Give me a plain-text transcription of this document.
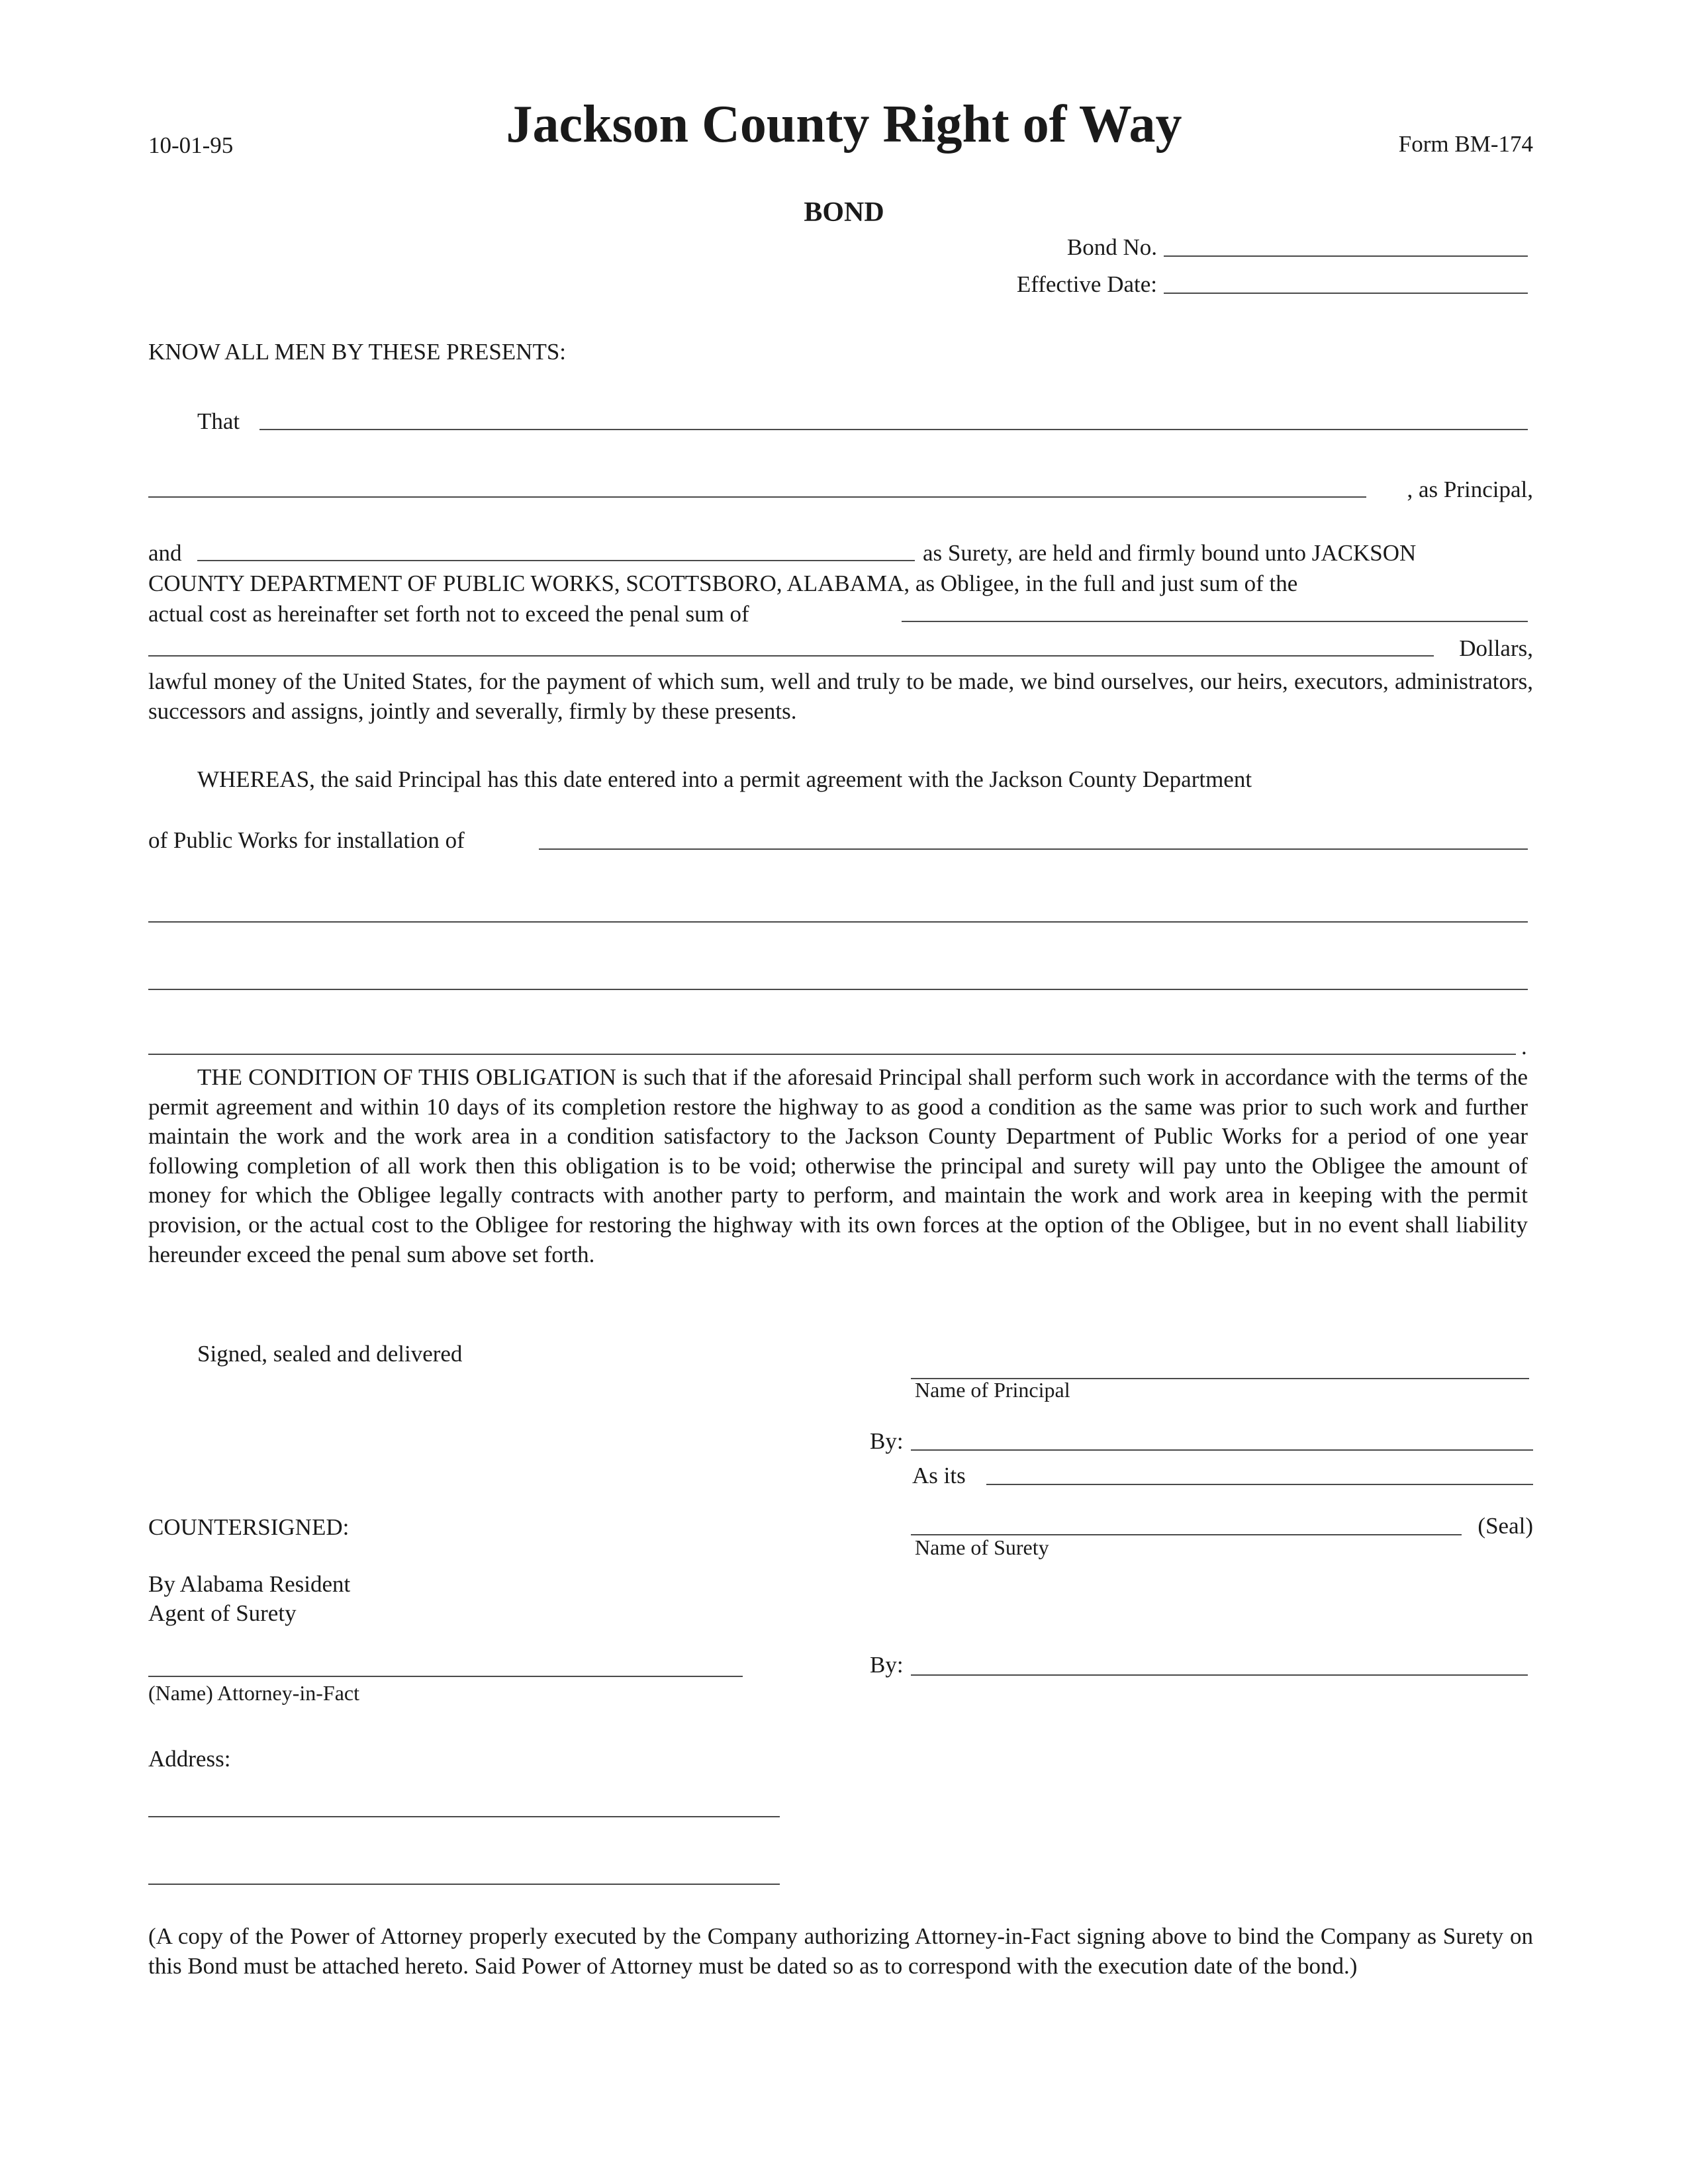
10-01-95	Jackson County Right of Way	Form BM-174
BOND
Bond No.
Effective Date:
KNOW ALL MEN BY THESE PRESENTS:
That
, as Principal,
and	as Surety, are held and firmly bound unto JACKSON
COUNTY DEPARTMENT OF PUBLIC WORKS, SCOTTSBORO, ALABAMA, as Obligee, in the full and just sum of the
actual cost as hereinafter set forth not to exceed the penal sum of
Dollars,
lawful money of the United States, for the payment of which sum, well and truly to be made, we bind ourselves, our heirs, executors, administrators, successors and assigns, jointly and severally, firmly by these presents.
WHEREAS, the said Principal has this date entered into a permit agreement with the Jackson County Department
of Public Works for installation of
.
THE CONDITION OF THIS OBLIGATION is such that if the aforesaid Principal shall perform such work in accordance with the terms of the permit agreement and within 10 days of its completion restore the highway to as good a condition as the same was prior to such work and further maintain the work and the work area in a condition satisfactory to the Jackson County Department of Public Works for a period of one year following completion of all work then this obligation is to be void; otherwise the principal and surety will pay unto the Obligee the amount of money for which the Obligee legally contracts with another party to perform, and maintain the work and work area in keeping with the permit provision, or the actual cost to the Obligee for restoring the highway with its own forces at the option of the Obligee, but in no event shall liability hereunder exceed the penal sum above set forth.
Signed, sealed and delivered
Name of Principal
By:
As its
COUNTERSIGNED:	(Seal)
Name of Surety
By Alabama Resident
Agent of Surety
By:
(Name) Attorney-in-Fact
Address:
(A copy of the Power of Attorney properly executed by the Company authorizing Attorney-in-Fact signing above to bind the Company as Surety on this Bond must be attached hereto. Said Power of Attorney must be dated so as to correspond with the execution date of the bond.)
